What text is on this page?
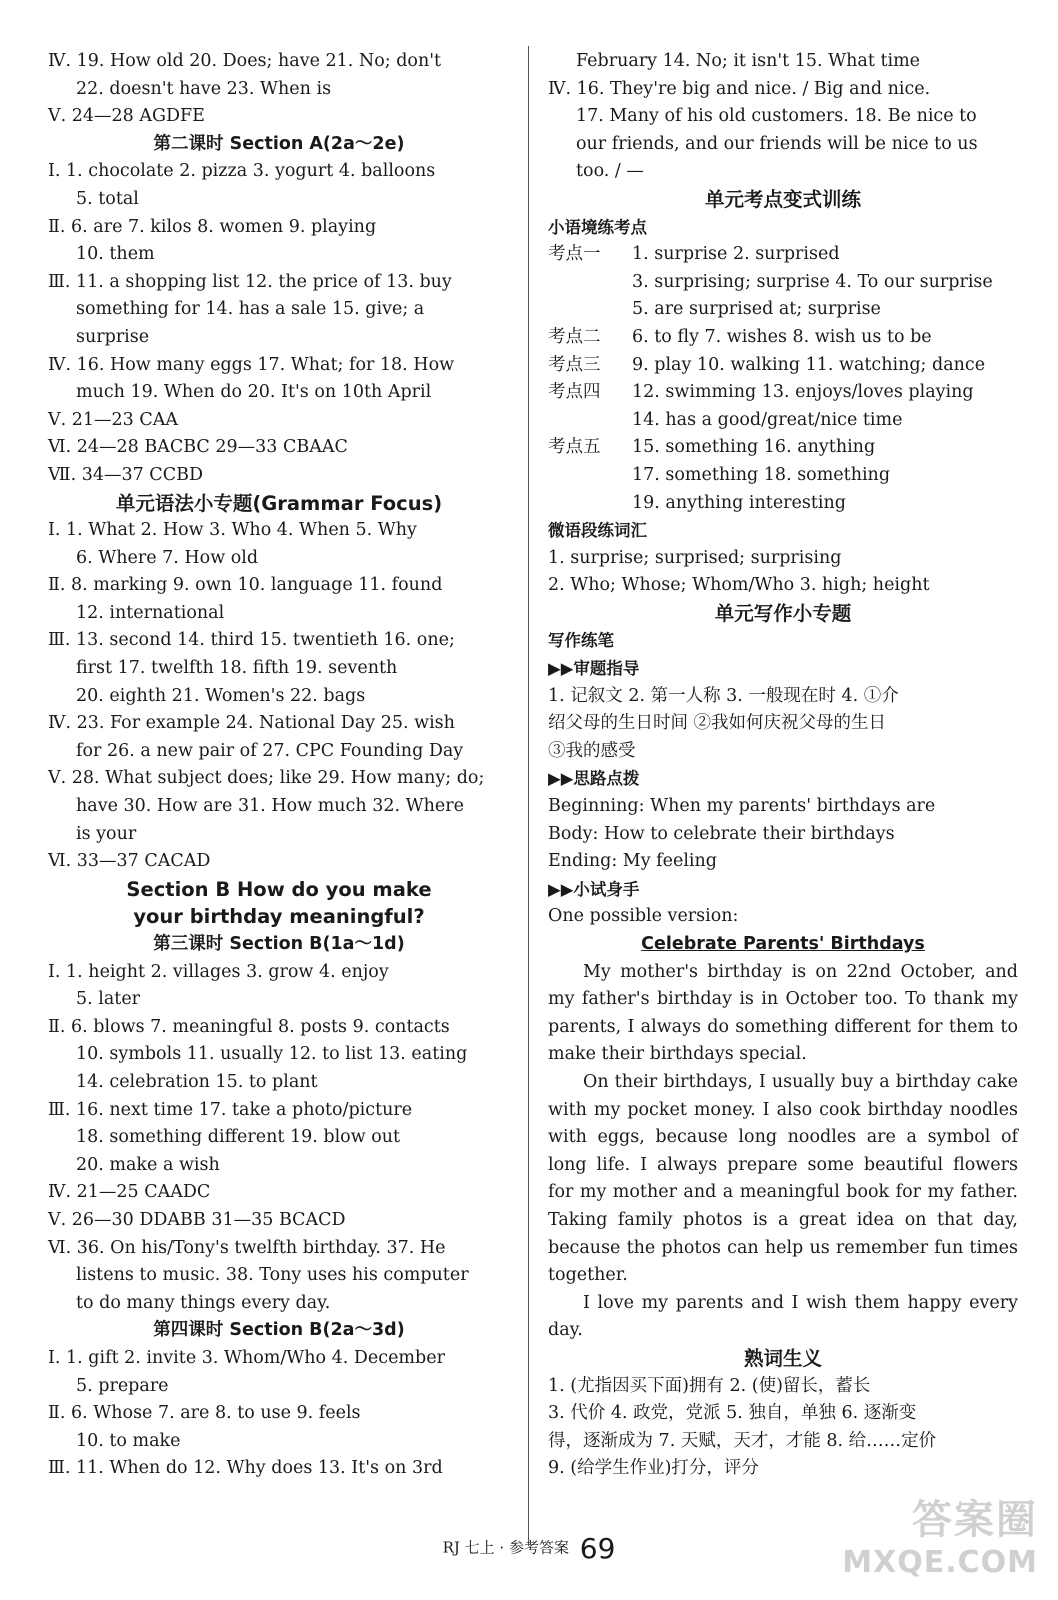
Ⅳ. 19. How old 20. Does; have 21. No; don't
22. doesn't have 23. When is
Ⅴ. 24—28 AGDFE
第二课时 Section A(2a～2e)
Ⅰ. 1. chocolate 2. pizza 3. yogurt 4. balloons
5. total
Ⅱ. 6. are 7. kilos 8. women 9. playing
10. them
Ⅲ. 11. a shopping list 12. the price of 13. buy
something for 14. has a sale 15. give; a
surprise
Ⅳ. 16. How many eggs 17. What; for 18. How
much 19. When do 20. It's on 10th April
Ⅴ. 21—23 CAA
Ⅵ. 24—28 BACBC 29—33 CBAAC
Ⅶ. 34—37 CCBD
单元语法小专题(Grammar Focus)
Ⅰ. 1. What 2. How 3. Who 4. When 5. Why
6. Where 7. How old
Ⅱ. 8. marking 9. own 10. language 11. found
12. international
Ⅲ. 13. second 14. third 15. twentieth 16. one;
first 17. twelfth 18. fifth 19. seventh
20. eighth 21. Women's 22. bags
Ⅳ. 23. For example 24. National Day 25. wish
for 26. a new pair of 27. CPC Founding Day
Ⅴ. 28. What subject does; like 29. How many; do;
have 30. How are 31. How much 32. Where
is your
Ⅵ. 33—37 CACAD
Section B How do you make
your birthday meaningful?
第三课时 Section B(1a～1d)
Ⅰ. 1. height 2. villages 3. grow 4. enjoy
5. later
Ⅱ. 6. blows 7. meaningful 8. posts 9. contacts
10. symbols 11. usually 12. to list 13. eating
14. celebration 15. to plant
Ⅲ. 16. next time 17. take a photo/picture
18. something different 19. blow out
20. make a wish
Ⅳ. 21—25 CAADC
Ⅴ. 26—30 DDABB 31—35 BCACD
Ⅵ. 36. On his/Tony's twelfth birthday. 37. He
listens to music. 38. Tony uses his computer
to do many things every day.
第四课时 Section B(2a～3d)
Ⅰ. 1. gift 2. invite 3. Whom/Who 4. December
5. prepare
Ⅱ. 6. Whose 7. are 8. to use 9. feels
10. to make
Ⅲ. 11. When do 12. Why does 13. It's on 3rd
February 14. No; it isn't 15. What time
Ⅳ. 16. They're big and nice. / Big and nice.
17. Many of his old customers. 18. Be nice to
our friends, and our friends will be nice to us
too. / —
单元考点变式训练
小语境练考点
考点一 1. surprise 2. surprised
3. surprising; surprise 4. To our surprise
5. are surprised at; surprise
考点二 6. to fly 7. wishes 8. wish us to be
考点三 9. play 10. walking 11. watching; dance
考点四 12. swimming 13. enjoys/loves playing
14. has a good/great/nice time
考点五 15. something 16. anything
17. something 18. something
19. anything interesting
微语段练词汇
1. surprise; surprised; surprising
2. Who; Whose; Whom/Who 3. high; height
单元写作小专题
写作练笔
▶▶审题指导
1. 记叙文 2. 第一人称 3. 一般现在时 4. ①介
绍父母的生日时间 ②我如何庆祝父母的生日
③我的感受
▶▶思路点拨
Beginning: When my parents' birthdays are
Body: How to celebrate their birthdays
Ending: My feeling
▶▶小试身手
One possible version:
Celebrate Parents' Birthdays

My mother's birthday is on 22nd October, and my father's birthday is in October too. To thank my parents, I always do something different for them to make their birthdays special.

On their birthdays, I usually buy a birthday cake with my pocket money. I also cook birthday noodles with eggs, because long noodles are a symbol of long life. I always prepare some beautiful flowers for my mother and a meaningful book for my father. Taking family photos is a great idea on that day, because the photos can help us remember fun times together.

I love my parents and I wish them happy every day.

熟词生义
1. (尤指因买下面)拥有 2. (使)留长，蓄长
3. 代价 4. 政党，党派 5. 独自，单独 6. 逐渐变
得，逐渐成为 7. 天赋，天才，才能 8. 给……定价
9. (给学生作业)打分，评分
RJ 七上 · 参考答案 69
答案圈
MXQE.COM
